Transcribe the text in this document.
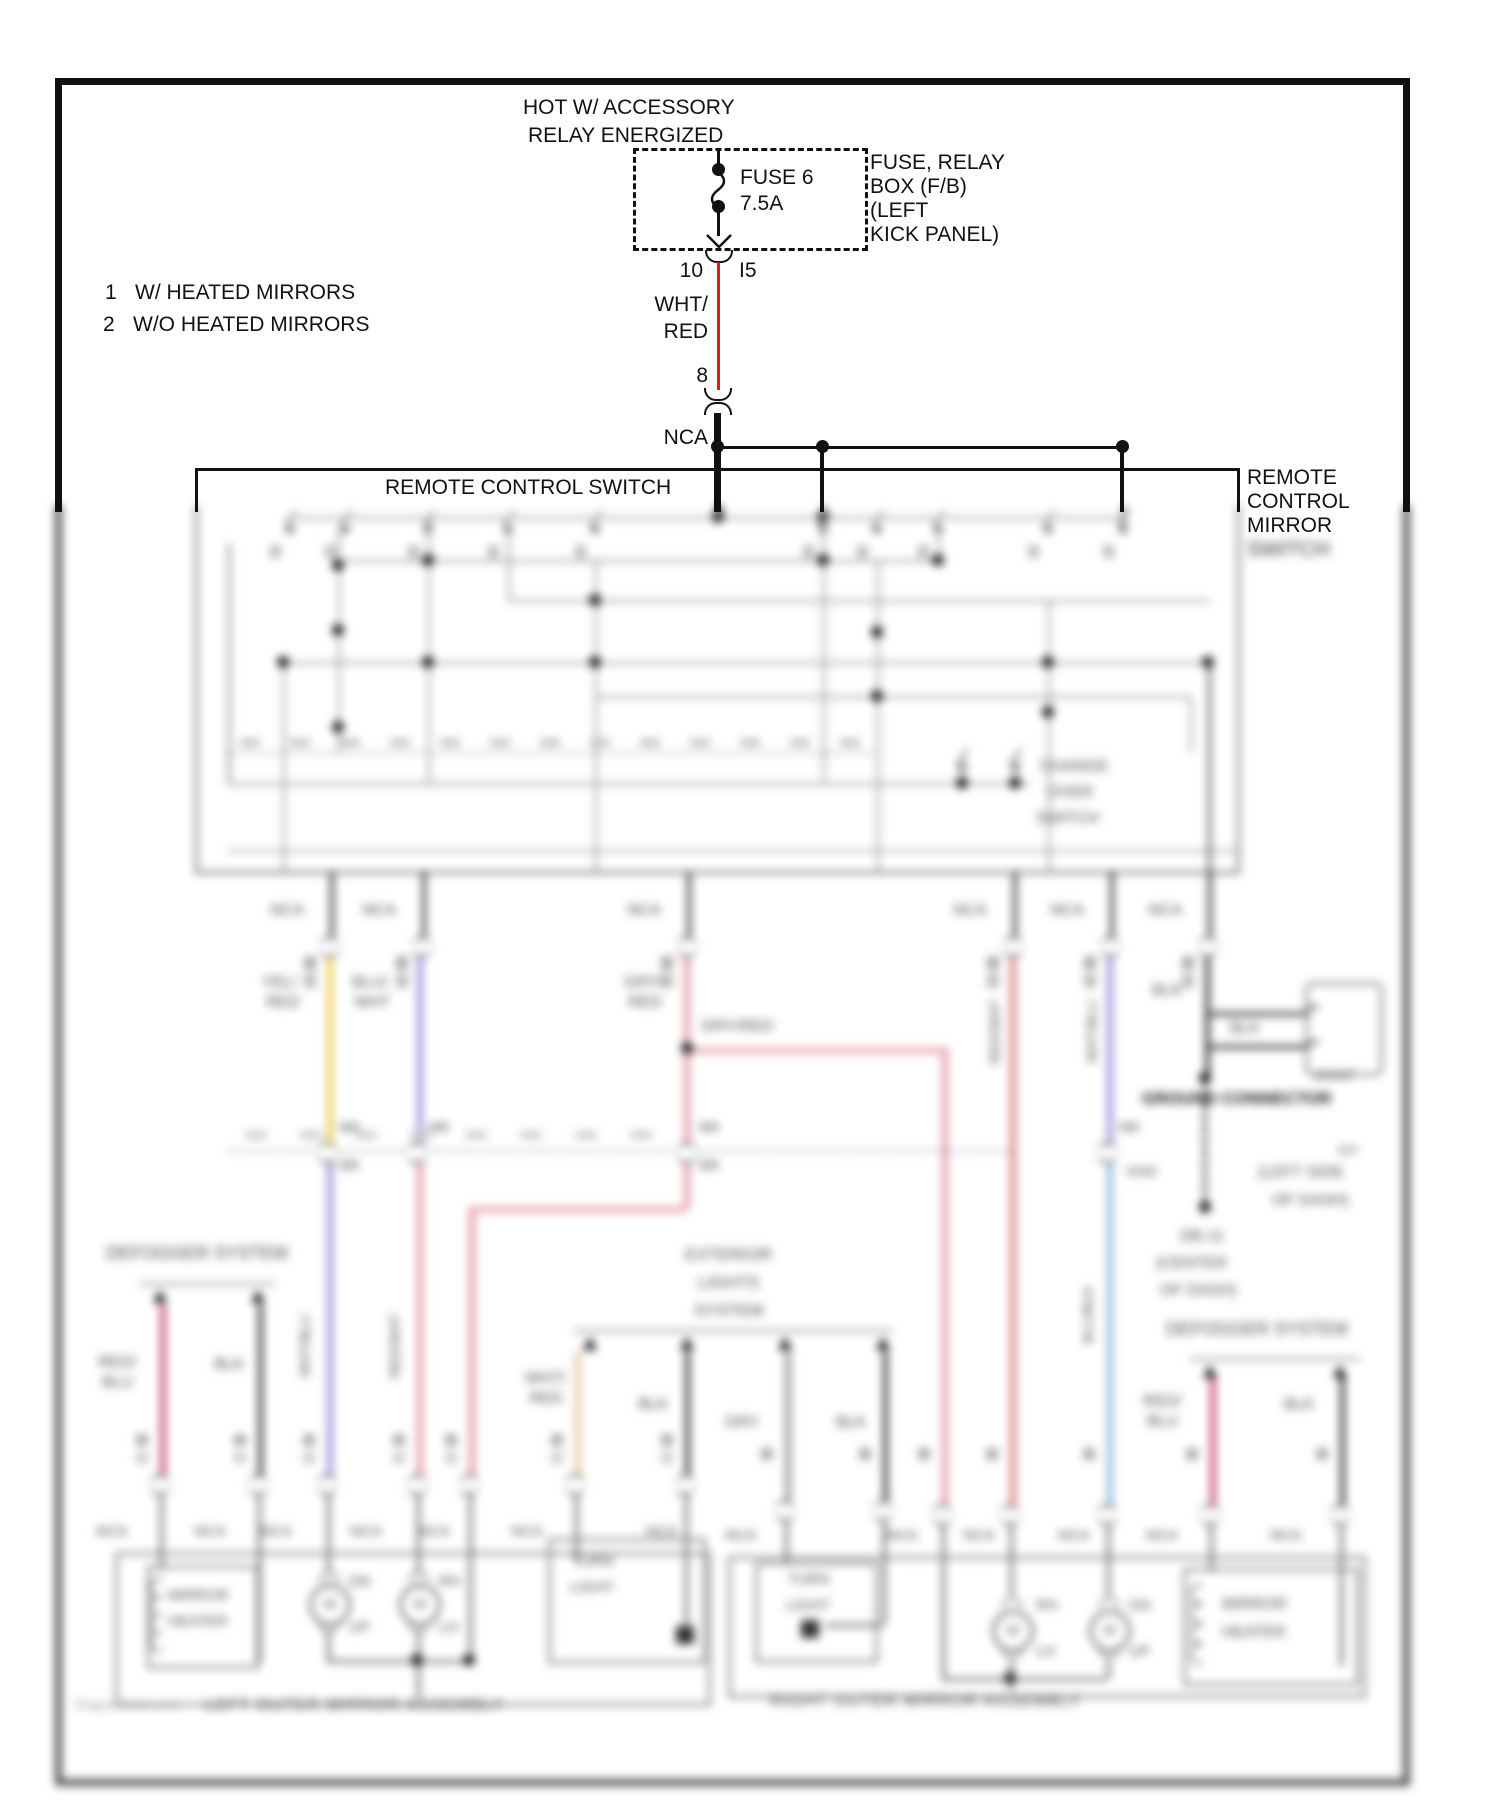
SWITCH
NCA	NCA	NCA	NCA	NCA	NCA
YEL/
RED
BLU/
WHT
GRY/
RED
GRY/RED
BLK
BLK
CHANGE
OVER
SWITCH
JOINT
GROUND CONNECTOR
GY
(LEFT SIDE
OF DASH)
GND
DB-11
(CENTER
OF DASH)
WHT/BLU	RED/WHT
RED/WHT	WHT/BLU
BLU/BLK
DEFOGGER SYSTEM
RED/
BLU
BLK
EXTERIOR
LIGHTS
SYSTEM
WHT/
RED	BLK
GRY	BLK
DEFOGGER SYSTEM
RED/
BLU
BLK
NCA	NCA NCA	NCA NCA	NCA	NCA	NCA	NCA	NCA	NCA	NCA	NCA
MIRROR
HEATER
M	M
DN
UP
RH
LH
TURN
LIGHT
LEFT OUTER MIRROR ASSEMBLY
DiagramData.com
TURN
LIGHT
M	M
RH
LH
DN
UP
MIRROR
HEATER
RIGHT OUTER MIRROR ASSEMBLY
HOT W/ ACCESSORY
RELAY ENERGIZED
FUSE 6
7.5A
FUSE, RELAY
BOX (F/B)
(LEFT
KICK PANEL)
10 I5
WHT/
RED
8
NCA
1 W/ HEATED MIRRORS
2 W/O HEATED MIRRORS
REMOTE CONTROL SWITCH	REMOTE
CONTROL
MIRROR
